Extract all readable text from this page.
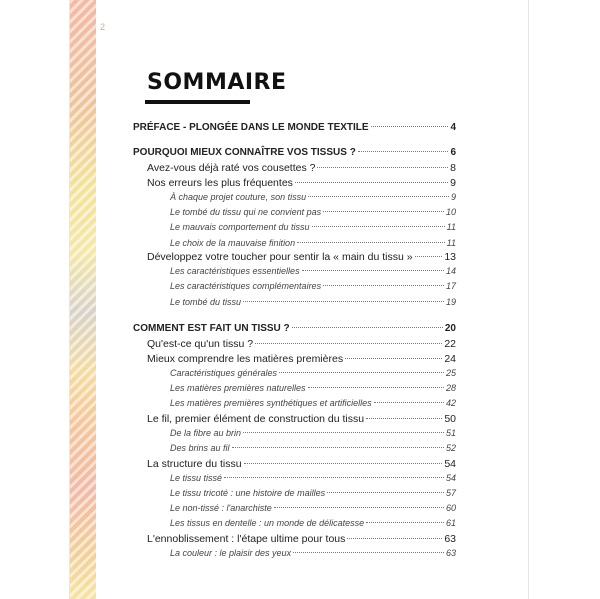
2
SOMMAIRE
PRÉFACE - PLONGÉE DANS LE MONDE TEXTILE	4
POURQUOI MIEUX CONNAÎTRE VOS TISSUS ?	6
Avez-vous déjà raté vos cousettes ?	8
Nos erreurs les plus fréquentes	9
À chaque projet couture, son tissu	9
Le tombé du tissu qui ne convient pas	10
Le mauvais comportement du tissu	11
Le choix de la mauvaise finition	11
Développez votre toucher pour sentir la « main du tissu »	13
Les caractéristiques essentielles	14
Les caractéristiques complémentaires	17
Le tombé du tissu	19
COMMENT EST FAIT UN TISSU ?	20
Qu'est-ce qu'un tissu ?	22
Mieux comprendre les matières premières	24
Caractéristiques générales	25
Les matières premières naturelles	28
Les matières premières synthétiques et artificielles	42
Le fil, premier élément de construction du tissu	50
De la fibre au brin	51
Des brins au fil	52
La structure du tissu	54
Le tissu tissé	54
Le tissu tricoté : une histoire de mailles	57
Le non-tissé : l'anarchiste	60
Les tissus en dentelle : un monde de délicatesse	61
L'ennoblissement : l'étape ultime pour tous	63
La couleur : le plaisir des yeux	63
